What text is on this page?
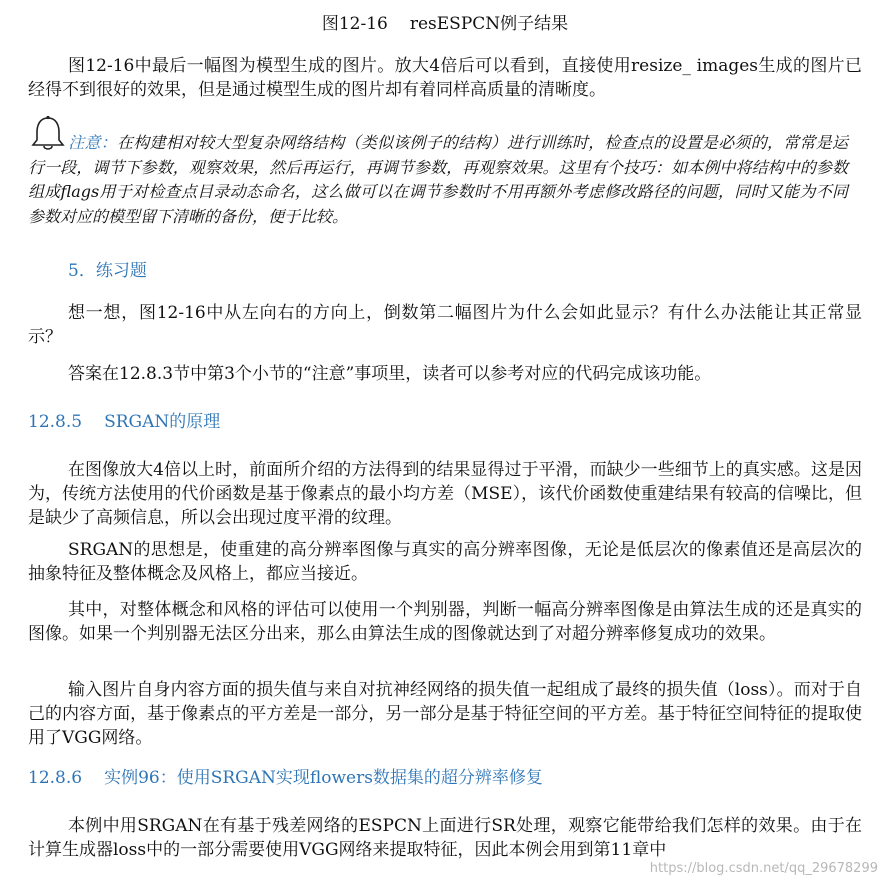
图12-16 resESPCN例子结果

图12-16中最后一幅图为模型生成的图片。放大4倍后可以看到，直接使用resize_ images生成的图片已经得不到很好的效果，但是通过模型生成的图片却有着同样高质量的清晰度。

注意：在构建相对较大型复杂网络结构（类似该例子的结构）进行训练时，检查点的设置是必须的，常常是运行一段，调节下参数，观察效果，然后再运行，再调节参数，再观察效果。这里有个技巧：如本例中将结构中的参数组成flags用于对检查点目录动态命名，这么做可以在调节参数时不用再额外考虑修改路径的问题，同时又能为不同参数对应的模型留下清晰的备份，便于比较。
5．练习题

想一想，图12-16中从左向右的方向上，倒数第二幅图片为什么会如此显示？有什么办法能让其正常显示？

答案在12.8.3节中第3个小节的“注意”事项里，读者可以参考对应的代码完成该功能。

12.8.5 SRGAN的原理

在图像放大4倍以上时，前面所介绍的方法得到的结果显得过于平滑，而缺少一些细节上的真实感。这是因为，传统方法使用的代价函数是基于像素点的最小均方差（MSE），该代价函数使重建结果有较高的信噪比，但是缺少了高频信息，所以会出现过度平滑的纹理。

SRGAN的思想是，使重建的高分辨率图像与真实的高分辨率图像，无论是低层次的像素值还是高层次的抽象特征及整体概念及风格上，都应当接近。

其中，对整体概念和风格的评估可以使用一个判别器，判断一幅高分辨率图像是由算法生成的还是真实的图像。如果一个判别器无法区分出来，那么由算法生成的图像就达到了对超分辨率修复成功的效果。

输入图片自身内容方面的损失值与来自对抗神经网络的损失值一起组成了最终的损失值（loss）。而对于自己的内容方面，基于像素点的平方差是一部分，另一部分是基于特征空间的平方差。基于特征空间特征的提取使用了VGG网络。

12.8.6 实例96：使用SRGAN实现flowers数据集的超分辨率修复

本例中用SRGAN在有基于残差网络的ESPCN上面进行SR处理，观察它能带给我们怎样的效果。由于在计算生成器loss中的一部分需要使用VGG网络来提取特征，因此本例会用到第11章中

https://blog.csdn.net/qq_29678299
